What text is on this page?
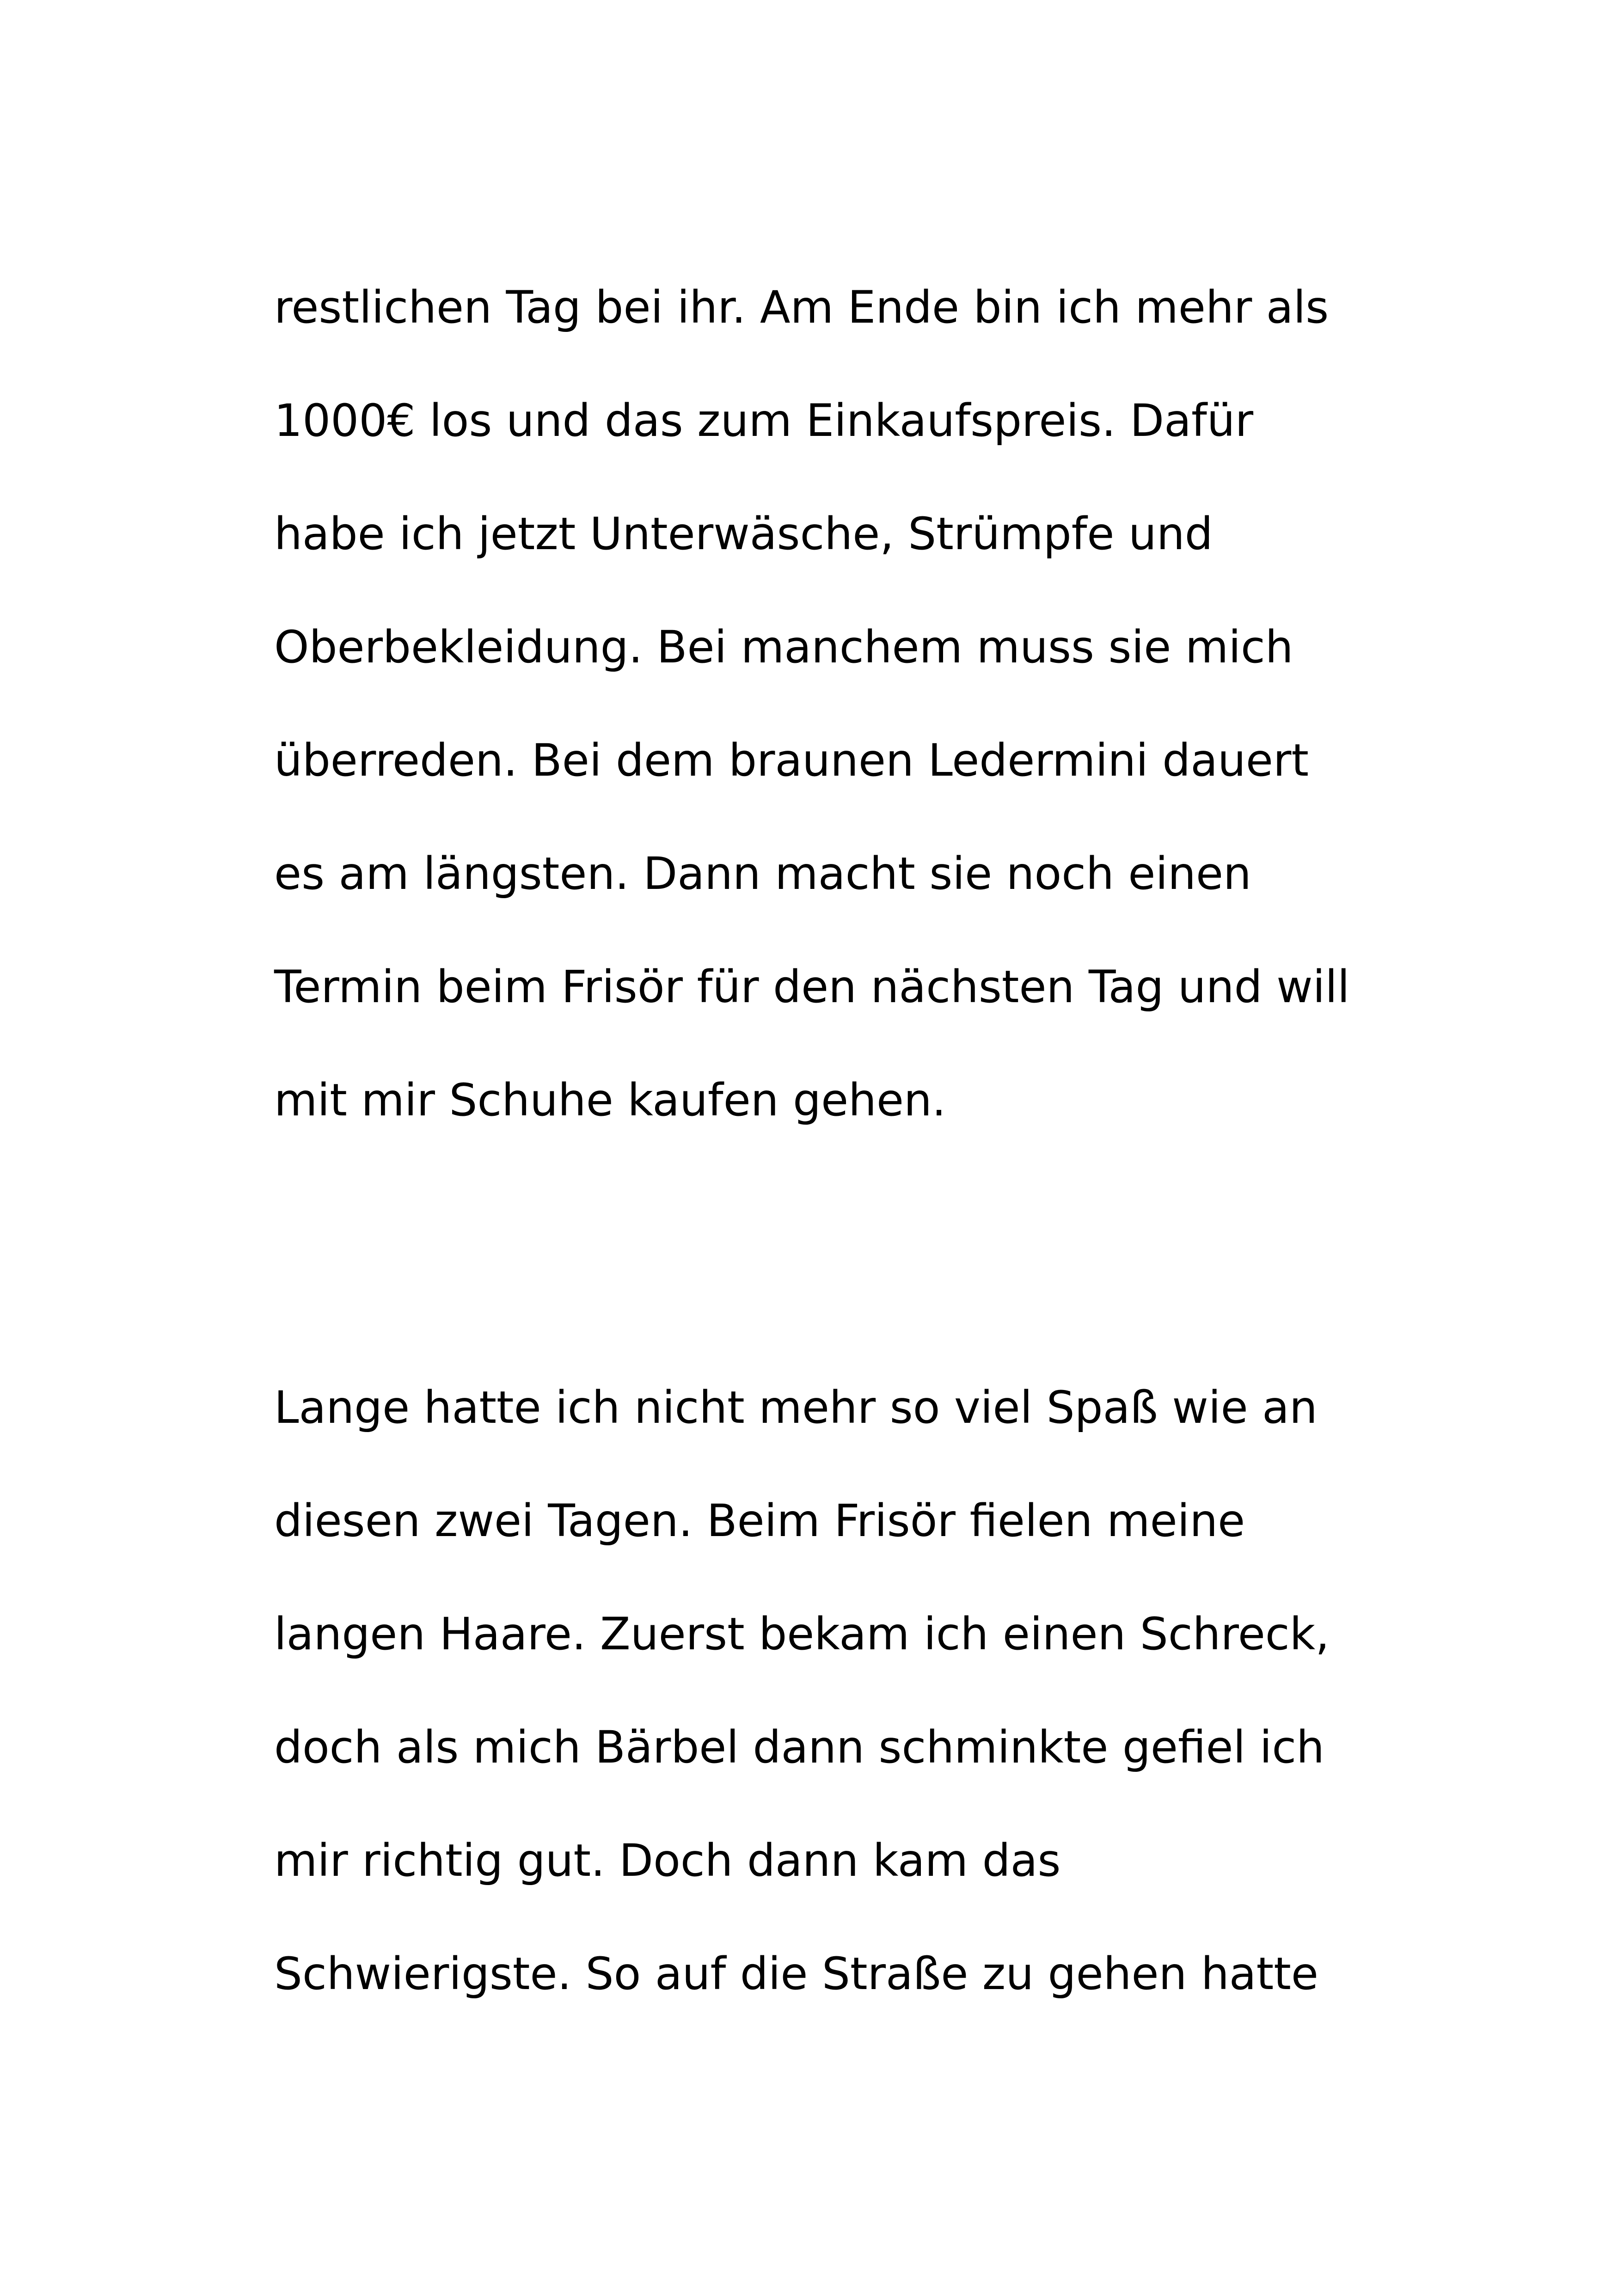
restlichen Tag bei ihr. Am Ende bin ich mehr als

1000€ los und das zum Einkaufspreis. Dafür

habe ich jetzt Unterwäsche, Strümpfe und

Oberbekleidung. Bei manchem muss sie mich

überreden. Bei dem braunen Ledermini dauert

es am längsten. Dann macht sie noch einen

Termin beim Frisör für den nächsten Tag und will

mit mir Schuhe kaufen gehen.

Lange hatte ich nicht mehr so viel Spaß wie an

diesen zwei Tagen. Beim Frisör fielen meine

langen Haare. Zuerst bekam ich einen Schreck,

doch als mich Bärbel dann schminkte gefiel ich

mir richtig gut. Doch dann kam das

Schwierigste. So auf die Straße zu gehen hatte
